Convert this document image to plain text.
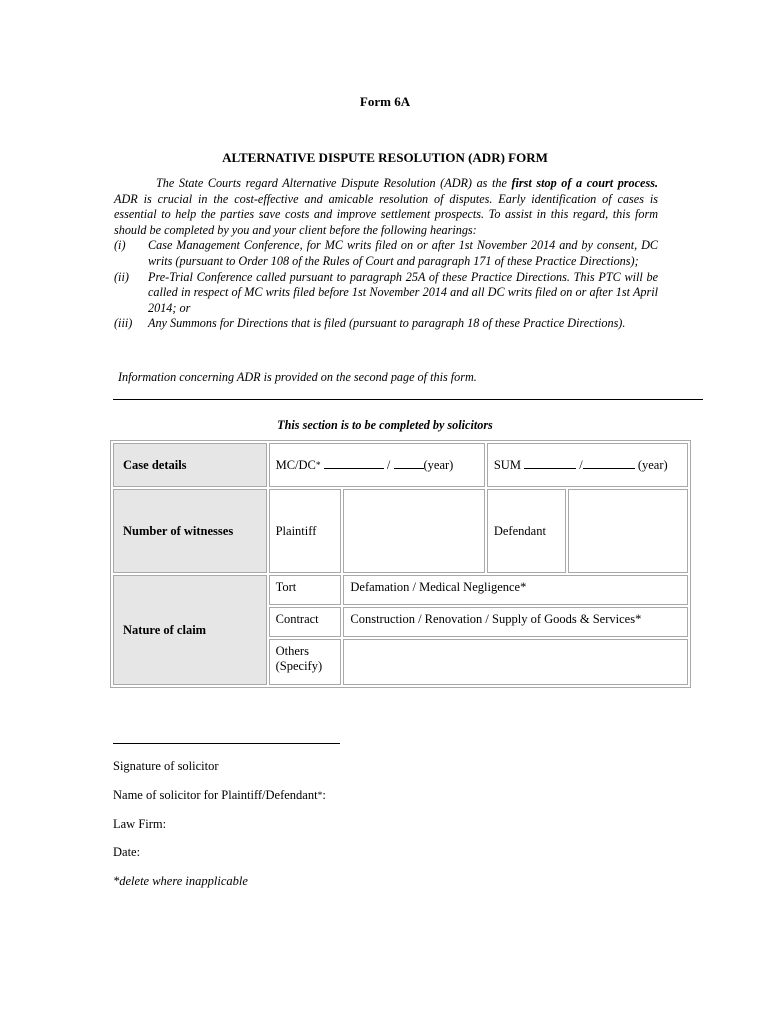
Form 6A
ALTERNATIVE DISPUTE RESOLUTION (ADR) FORM

The State Courts regard Alternative Dispute Resolution (ADR) as the first stop of a court process. ADR is crucial in the cost-effective and amicable resolution of disputes. Early identification of cases is essential to help the parties save costs and improve settlement prospects. To assist in this regard, this form should be completed by you and your client before the following hearings:

(i) Case Management Conference, for MC writs filed on or after 1st November 2014 and by consent, DC writs (pursuant to Order 108 of the Rules of Court and paragraph 171 of these Practice Directions);
(ii) Pre-Trial Conference called pursuant to paragraph 25A of these Practice Directions. This PTC will be called in respect of MC writs filed before 1st November 2014 and all DC writs filed on or after 1st April 2014; or
(iii) Any Summons for Directions that is filed (pursuant to paragraph 18 of these Practice Directions).
Information concerning ADR is provided on the second page of this form.
This section is to be completed by solicitors
Case details	MC/DC* / (year)		SUM / (year)	
Number of witnesses	Plaintiff		Defendant	
Nature of claim	Tort	Defamation / Medical Negligence*		
	Contract	Construction / Renovation / Supply of Goods & Services*		
	Others
(Specify)			
Signature of solicitor
Name of solicitor for Plaintiff/Defendant*:
Law Firm:
Date:
*delete where inapplicable
